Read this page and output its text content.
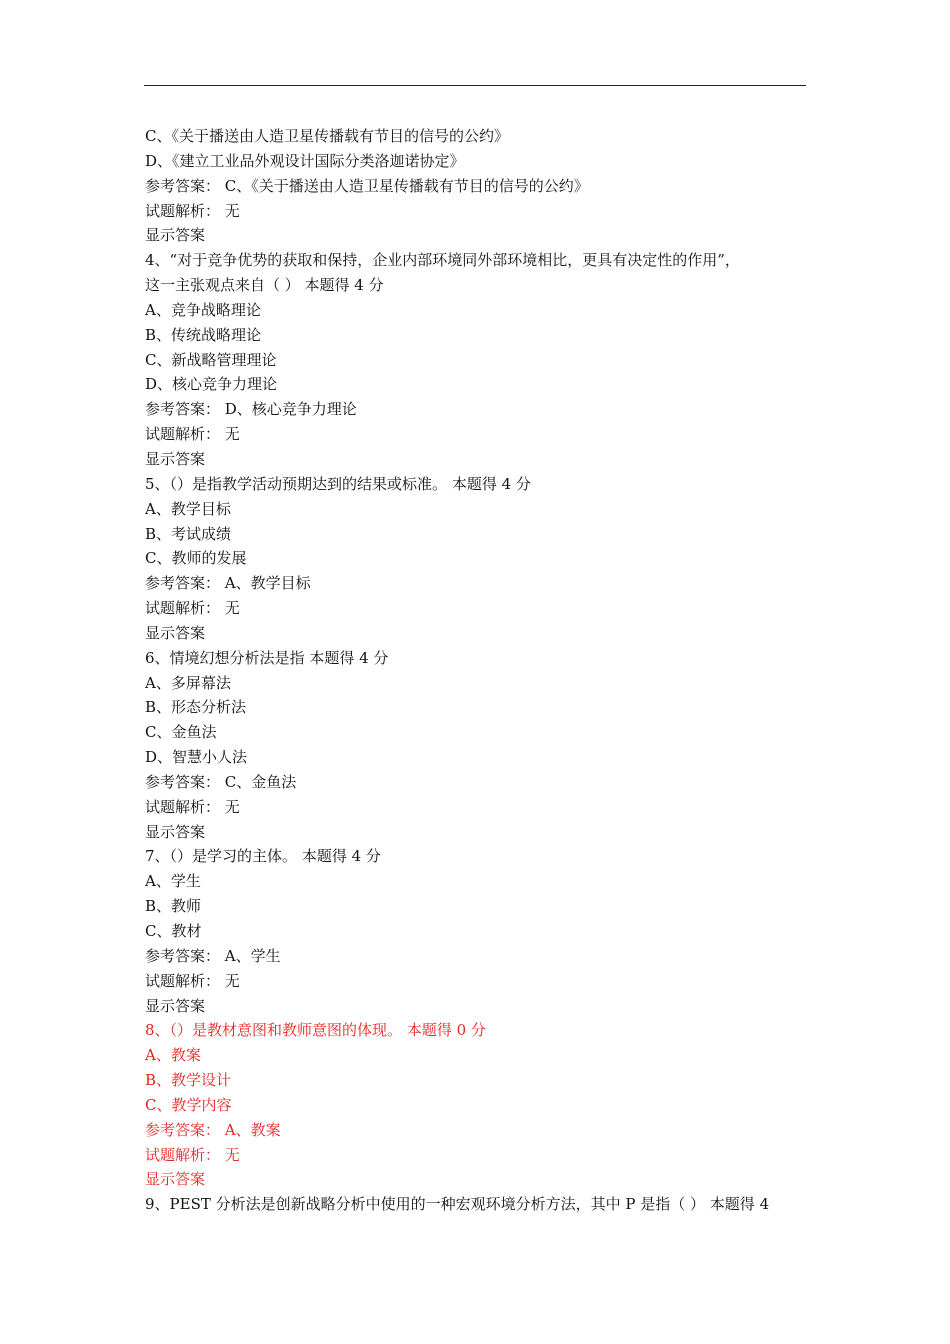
C、《关于播送由人造卫星传播载有节目的信号的公约》
D、《建立工业品外观设计国际分类洛迦诺协定》
参考答案： C、《关于播送由人造卫星传播载有节目的信号的公约》
试题解析： 无
显示答案
4、“对于竞争优势的获取和保持，企业内部环境同外部环境相比，更具有决定性的作用”，
这一主张观点来自（ ） 本题得 4 分
A、竞争战略理论
B、传统战略理论
C、新战略管理理论
D、核心竞争力理论
参考答案： D、核心竞争力理论
试题解析： 无
显示答案
5、（）是指教学活动预期达到的结果或标准。 本题得 4 分
A、教学目标
B、考试成绩
C、教师的发展
参考答案： A、教学目标
试题解析： 无
显示答案
6、情境幻想分析法是指 本题得 4 分
A、多屏幕法
B、形态分析法
C、金鱼法
D、智慧小人法
参考答案： C、金鱼法
试题解析： 无
显示答案
7、（）是学习的主体。 本题得 4 分
A、学生
B、教师
C、教材
参考答案： A、学生
试题解析： 无
显示答案
8、（）是教材意图和教师意图的体现。 本题得 0 分
A、教案
B、教学设计
C、教学内容
参考答案： A、教案
试题解析： 无
显示答案
9、PEST 分析法是创新战略分析中使用的一种宏观环境分析方法，其中 P 是指（ ） 本题得 4
